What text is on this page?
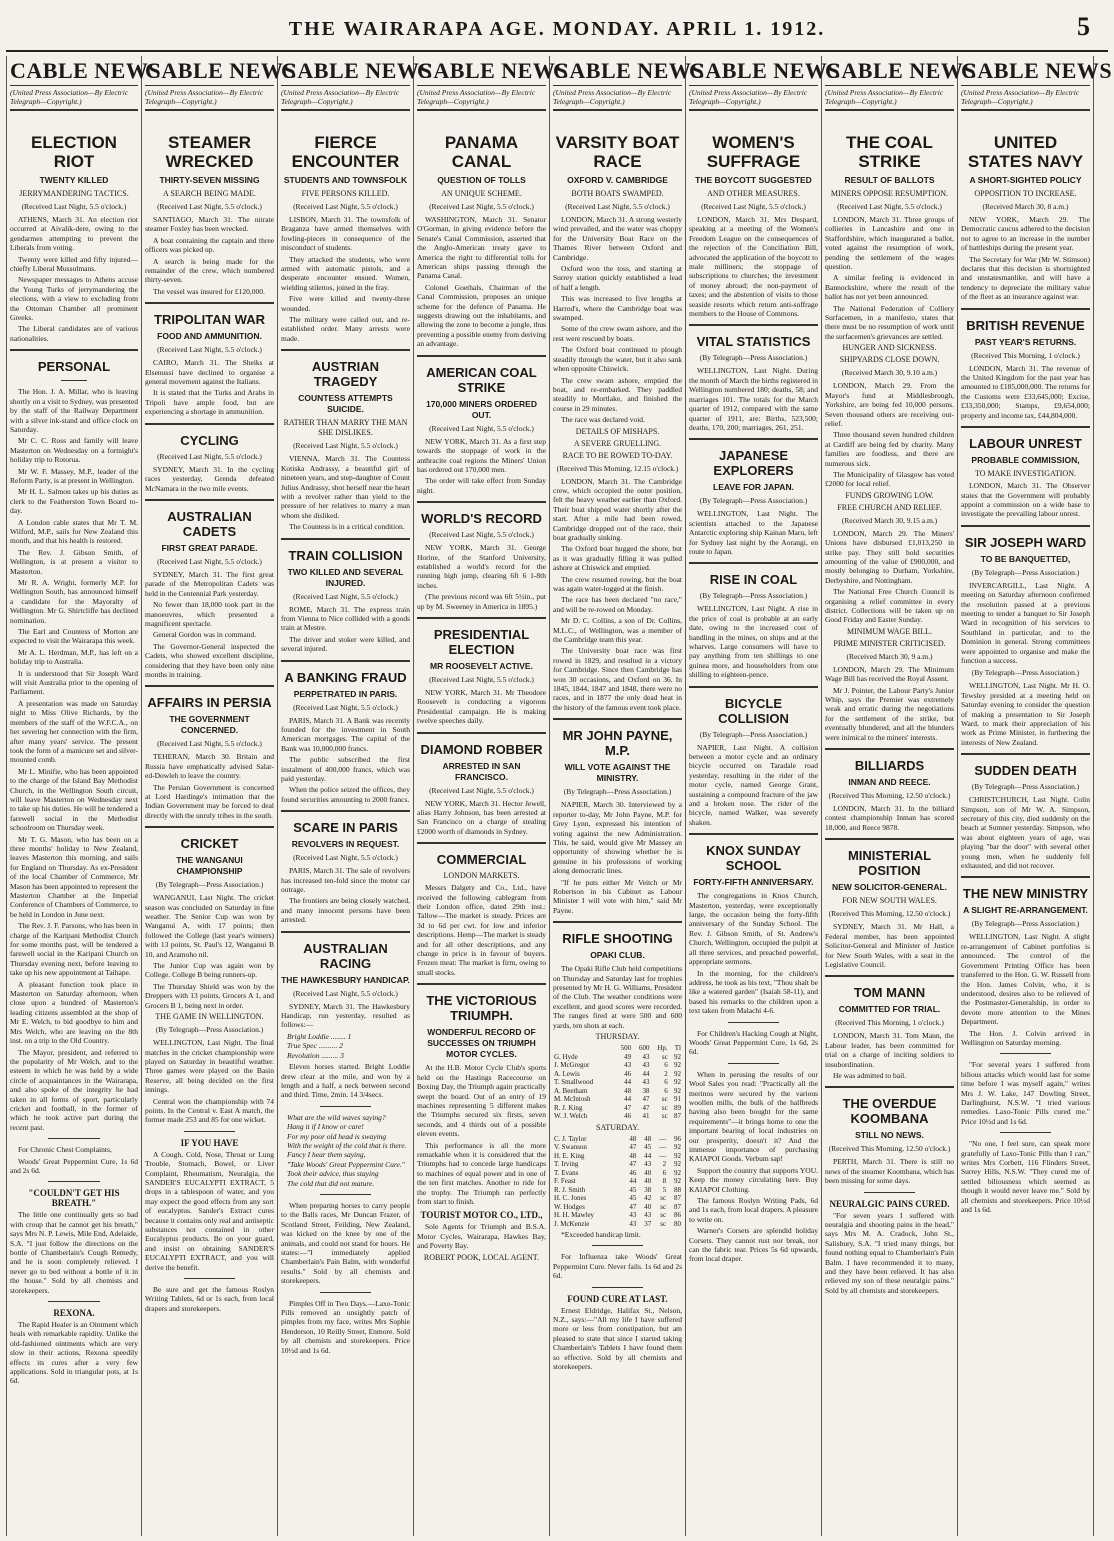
THE WAIRARAPA AGE. MONDAY. APRIL 1. 1912.	5
CABLE NEWS
(United Press Association—By Electric Telegraph—Copyright.)
ELECTION RIOT
TWENTY KILLED
JERRYMANDERING TACTICS.
(Received Last Night, 5.5 o'clock.)

ATHENS, March 31. An election riot occurred at Aivalik-dere, owing to the gendarmes attempting to prevent the Liberals from voting.

Twenty were killed and fifty injured—chiefly Liberal Mussulmans.

Newspaper messages to Athens accuse the Young Turks of jerrymandering the elections, with a view to excluding from the Ottoman Chamber all prominent Greeks.

The Liberal candidates are of various nationalities.

PERSONAL

The Hon. J. A. Millar, who is leaving shortly on a visit to Sydney, was presented by the staff of the Railway Department with a silver ink-stand and office clock on Saturday.

Mr C. C. Ross and family will leave Masterton on Wednesday on a fortnight's holiday trip to Rotorua.

Mr W. F. Massey, M.P., leader of the Reform Party, is at present in Wellington.

Mr H. L. Salmon takes up his duties as clerk to the Featherston Town Board to-day.

A London cable states that Mr T. M. Wilford, M.P., sails for New Zealand this month, and that his health is restored.

The Rev. J. Gibson Smith, of Wellington, is at present a visitor to Masterton.

Mr R. A. Wright, formerly M.P. for Wellington South, has announced himself a candidate for the Mayoralty of Wellington. Mr G. Shirtcliffe has declined nomination.

The Earl and Countess of Morton are expected to visit the Wairarapa this week.

Mr A. L. Herdman, M.P., has left on a holiday trip to Australia.

It is understood that Sir Joseph Ward will visit Australia prior to the opening of Parliament.

A presentation was made on Saturday night to Miss Olive Richards, by the members of the staff of the W.F.C.A., on her severing her connection with the firm, after many years' service. The present took the form of a manicure set and silver-mounted comb.

Mr L. Minifie, who has been appointed to the charge of the Island Bay Methodist Church, in the Wellington South circuit, will leave Masterton on Wednesday next to take up his duties. He will be tendered a farewell social in the Methodist schoolroom on Thursday week.

Mr T. G. Mason, who has been on a three months' holiday to New Zealand, leaves Masterton this morning, and sails for England on Thursday. As ex-President of the local Chamber of Commerce, Mr Mason has been appointed to represent the Masterton Chamber at the Imperial Conference of Chambers of Commerce, to be held in London in June next.

The Rev. J. F. Parsons, who has been in charge of the Karipani Methodist Church for some months past, will be tendered a farewell social in the Karipani Church on Thursday evening next, before leaving to take up his new appointment at Taihape.

A pleasant function took place in Masterton on Saturday afternoon, when close upon a hundred of Masterton's leading citizens assembled at the shop of Mr E. Welch, to bid goodbye to him and Mrs Welch, who are leaving on the 8th inst. on a trip to the Old Country.

The Mayor, president, and referred to the popularity of Mr Welch, and to the esteem in which he was held by a wide circle of acquaintances in the Wairarapa, and also spoke of the integrity he had taken in all forms of sport, particularly cricket and football, in the former of which he took active part during the recent past.

For Chronic Chest Complaints,

Woods' Great Peppermint Cure, 1s 6d and 2s 6d.

"COULDN'T GET HIS BREATH."

The little one continually gets so bad with croup that he cannot get his breath," says Mrs N. P. Lewis, Mile End, Adelaide, S.A. "I just follow the directions on the bottle of Chamberlain's Cough Remedy, and he is soon completely relieved. I never go to bed without a bottle of it in the house." Sold by all chemists and storekeepers.

REXONA.

The Rapid Healer is an Ointment which heals with remarkable rapidity. Unlike the old-fashioned ointments which are very slow in their actions, Rexona speedily effects its cures after a very few applications. Sold in triangular pots, at 1s 6d.

CABLE NEWS
(United Press Association—By Electric Telegraph—Copyright.)
STEAMER WRECKED
THIRTY-SEVEN MISSING
A SEARCH BEING MADE.
(Received Last Night, 5.5 o'clock.)

SANTIAGO, March 31. The nitrate steamer Foxley has been wrecked.

A boat containing the captain and three officers was picked up.

A search is being made for the remainder of the crew, which numbered thirty-seven.

The vessel was insured for £120,000.

TRIPOLITAN WAR
FOOD AND AMMUNITION.
(Received Last Night, 5.5 o'clock.)

CAIRO, March 31. The Sheiks at Elsenussi have declined to organise a general movement against the Italians.

It is stated that the Turks and Arabs in Tripoli have ample food, but are experiencing a shortage in ammunition.

CYCLING
(Received Last Night, 5.5 o'clock.)

SYDNEY, March 31. In the cycling races yesterday, Grenda defeated McNamara in the two mile events.

AUSTRALIAN CADETS
FIRST GREAT PARADE.
(Received Last Night, 5.5 o'clock.)

SYDNEY, March 31. The first great parade of the Metropolitan Cadets was held in the Centennial Park yesterday.

No fewer than 18,000 took part in the manoeuvres, which presented a magnificent spectacle.

General Gordon was in command.

The Governor-General inspected the Cadets, who showed excellent discipline, considering that they have been only nine months in training.

AFFAIRS IN PERSIA
THE GOVERNMENT CONCERNED.
(Received Last Night, 5.5 o'clock.)

TEHERAN, March 30. Britain and Russia have emphatically advised Salar-ed-Dowleh to leave the country.

The Persian Government is concerned at Lord Hardinge's intimation that the Indian Government may be forced to deal directly with the unruly tribes in the south.

CRICKET
THE WANGANUI CHAMPIONSHIP
(By Telegraph—Press Association.)

WANGANUI, Last Night. The cricket season was concluded on Saturday in fine weather. The Senior Cup was won by Wanganui A, with 17 points; then followed the College (last year's winners) with 13 points, St. Paul's 12, Wanganui B 10, and Aramoho nil.

The Junior Cup was again won by College. College B being runners-up.

The Thursday Shield was won by the Dreppers with 13 points, Grocers A 1, and Grocers B 1, being next in order.

THE GAME IN WELLINGTON.
(By Telegraph—Press Association.)

WELLINGTON, Last Night. The final matches in the cricket championship were played on Saturday in beautiful weather. Three games were played on the Basin Reserve, all being decided on the first innings.

Central won the championship with 74 points. In the Central v. East A match, the former made 253 and 85 for one wicket.

IF YOU HAVE

A Cough, Cold, Nose, Throat or Lung Trouble, Stomach, Bowel, or Liver Complaint, Rheumatism, Neuralgia, the SANDER'S EUCALYPTI EXTRACT, 5 drops in a tablespoon of water, and you may expect the good effects from any sort of eucalyptus. Sander's Extract cures because it contains only real and antiseptic substances not contained in other Eucalyptus products. Be on your guard, and insist on obtaining SANDER'S EUCALYPTI EXTRACT, and you will derive the benefit.

Be sure and get the famous Roslyn Writing Tablets, 6d or 1s each, from local drapers and storekeepers.

CABLE NEWS
(United Press Association—By Electric Telegraph—Copyright.)
FIERCE ENCOUNTER
STUDENTS AND TOWNSFOLK
FIVE PERSONS KILLED.
(Received Last Night, 5.5 o'clock.)

LISBON, March 31. The townsfolk of Braganza have armed themselves with fowling-pieces in consequence of the misconduct of students.

They attacked the students, who were armed with automatic pistols, and a desperate encounter ensued. Women, wielding stilettos, joined in the fray.

Five were killed and twenty-three wounded.

The military were called out, and re-established order. Many arrests were made.

AUSTRIAN TRAGEDY
COUNTESS ATTEMPTS SUICIDE.
RATHER THAN MARRY THE MAN SHE DISLIKES.
(Received Last Night, 5.5 o'clock.)

VIENNA, March 31. The Countess Kotiska Andrassy, a beautiful girl of nineteen years, and step-daughter of Count Julius Andrassy, shot herself near the heart with a revolver rather than yield to the pressure of her relatives to marry a man whom she disliked.

The Countess is in a critical condition.

TRAIN COLLISION
TWO KILLED AND SEVERAL INJURED.
(Received Last Night, 5.5 o'clock.)

ROME, March 31. The express train from Vienna to Nice collided with a goods train at Mestre.

The driver and stoker were killed, and several injured.

A BANKING FRAUD
PERPETRATED IN PARIS.
(Received Last Night, 5.5 o'clock.)

PARIS, March 31. A Bank was recently founded for the investment in South American mortgages. The capital of the Bank was 10,000,000 francs.

The public subscribed the first instalment of 400,000 francs, which was paid yesterday.

When the police seized the offices, they found securities amounting to 2000 francs.

SCARE IN PARIS
REVOLVERS IN REQUEST.
(Received Last Night, 5.5 o'clock.)

PARIS, March 31. The sale of revolvers has increased ten-fold since the motor car outrage.

The frontiers are being closely watched, and many innocent persons have been arrested.

AUSTRALIAN RACING
THE HAWKESBURY HANDICAP.
(Received Last Night, 5.5 o'clock.)

SYDNEY, March 31. The Hawkesbury Handicap, run yesterday, resulted as follows:—

Bright Loddie ........ 1
True Spec .......... 2
Revolution ......... 3

Eleven horses started. Bright Loddie drew clear at the mile, and won by a length and a half, a neck between second and third. Time, 2min. 14 3/4secs.

What are the wild waves saying?
Hang it if I know or care!
For my poor old head is swaying
With the weight of the cold that is there.
Fancy I hear them saying,
"Take Woods' Great Peppermint Cure."
Took their advice, thus staying
The cold that did not mature.

When preparing horses to carry people to the Balls races, Mr Duncan Frazer, of Scotland Street, Feilding, New Zealand, was kicked on the knee by one of the animals, and could not stand for hours. He states:—"I immediately applied Chamberlain's Pain Balm, with wonderful results." Sold by all chemists and storekeepers.

Pimples Off in Two Days.—Laxo-Tonic Pills removed an unsightly patch of pimples from my face, writes Mrs Sophie Henderson, 10 Reilly Street, Enmore. Sold by all chemists and storekeepers. Price 10½d and 1s 6d.

CABLE NEWS
(United Press Association—By Electric Telegraph—Copyright.)
PANAMA CANAL
QUESTION OF TOLLS
AN UNIQUE SCHEME.
(Received Last Night, 5.5 o'clock.)

WASHINGTON, March 31. Senator O'Gorman, in giving evidence before the Senate's Canal Commission, asserted that the Anglo-American treaty gave to America the right to differential tolls for American ships passing through the Panama Canal.

Colonel Goethals, Chairman of the Canal Commission, proposes an unique scheme for the defence of Panama. He suggests drawing out the inhabitants, and allowing the zone to become a jungle, thus preventing a possible enemy from deriving an advantage.

AMERICAN COAL STRIKE
170,000 MINERS ORDERED OUT.
(Received Last Night, 5.5 o'clock.)

NEW YORK, March 31. As a first step towards the stoppage of work in the anthracite coal regions the Miners' Union has ordered out 170,000 men.

The order will take effect from Sunday night.

WORLD'S RECORD
(Received Last Night, 5.5 o'clock.)

NEW YORK, March 31. George Horine, of the Stanford University, established a world's record for the running high jump, clearing 6ft 6 1-8th inches.

(The previous record was 6ft 5½in., put up by M. Sweeney in America in 1895.)

PRESIDENTIAL ELECTION
MR ROOSEVELT ACTIVE.
(Received Last Night, 5.5 o'clock.)

NEW YORK, March 31. Mr Theodore Roosevelt is conducting a vigorous Presidential campaign. He is making twelve speeches daily.

DIAMOND ROBBER
ARRESTED IN SAN FRANCISCO.
(Received Last Night, 5.5 o'clock.)

NEW YORK, March 31. Hector Jewell, alias Harry Johnson, has been arrested at San Francisco on a charge of stealing £2000 worth of diamonds in Sydney.

COMMERCIAL
LONDON MARKETS.

Messrs Dalgety and Co., Ltd., have received the following cablegram from their London office, dated 29th inst.: Tallow—The market is steady. Prices are 3d to 6d per cwt. for low and inferior descriptions. Hemp—The market is steady and for all other descriptions, and any change in price is in favour of buyers. Frozen meat: The market is firm, owing to small stocks.

THE VICTORIOUS TRIUMPH.
WONDERFUL RECORD OF SUCCESSES ON TRIUMPH MOTOR CYCLES.

At the H.B. Motor Cycle Club's sports held on the Hastings Racecourse on Boxing Day, the Triumph again practically swept the board. Out of an entry of 19 machines representing 5 different makes the Triumphs secured six firsts, seven seconds, and 4 thirds out of a possible eleven events.

This performance is all the more remarkable when it is considered that the Triumphs had to concede large handicaps to machines of equal power and in one of the ten first matches. Another to ride for the trophy. The Triumph ran perfectly from start to finish.

TOURIST MOTOR CO., LTD.,

Sole Agents for Triumph and B.S.A. Motor Cycles, Wairarapa, Hawkes Bay, and Poverty Bay.

ROBERT POOK, LOCAL AGENT.
CABLE NEWS
(United Press Association—By Electric Telegraph—Copyright.)
VARSITY BOAT RACE
OXFORD V. CAMBRIDGE
BOTH BOATS SWAMPED.
(Received Last Night, 5.5 o'clock.)

LONDON, March 31. A strong westerly wind prevailed, and the water was choppy for the University Boat Race on the Thames River between Oxford and Cambridge.

Oxford won the toss, and starting at Surrey station quickly established a lead of half a length.

This was increased to five lengths at Harrod's, where the Cambridge boat was swamped.

Some of the crew swam ashore, and the rest were rescued by boats.

The Oxford boat continued to plough steadily through the water, but it also sank when opposite Chiswick.

The crew swam ashore, emptied the boat, and re-embarked. They paddled steadily to Mortlake, and finished the course in 29 minutes.

The race was declared void.

DETAILS OF MISHAPS.
A SEVERE GRUELLING.
RACE TO BE ROWED TO-DAY.
(Received This Morning, 12.15 o'clock.)

LONDON, March 31. The Cambridge crew, which occupied the outer position, felt the heavy weather earlier than Oxford. Their boat shipped water shortly after the start. After a mile had been rowed, Cambridge dropped out of the race, their boat gradually sinking.

The Oxford boat hugged the shore, but as it was gradually filling it was pulled ashore at Chiswick and emptied.

The crew resumed rowing, but the boat was again water-logged at the finish.

The race has been declared "no race," and will be re-rowed on Monday.

Mr D. C. Collins, a son of Dr. Collins, M.L.C., of Wellington, was a member of the Cambridge team this year.

The University boat race was first rowed in 1829, and resulted in a victory for Cambridge. Since then Cambridge has won 30 occasions, and Oxford on 36. In 1845, 1844, 1847 and 1848, there were no races, and in 1877 the only dead heat in the history of the famous event took place.

MR JOHN PAYNE, M.P.
WILL VOTE AGAINST THE MINISTRY.
(By Telegraph—Press Association.)

NAPIER, March 30. Interviewed by a reporter to-day, Mr John Payne, M.P. for Grey Lynn, expressed his intention of voting against the new Administration. This, he said, would give Mr Massey an opportunity of showing whether he is genuine in his professions of working along democratic lines.

"If he puts either Mr Veitch or Mr Robertson in his Cabinet as Labour Minister I will vote with him," said Mr Payne.

RIFLE SHOOTING
OPAKI CLUB.

The Opaki Rifle Club held competitions on Thursday and Saturday last for trophies presented by Mr H. G. Williams, President of the Club. The weather conditions were excellent, and good scores were recorded. The ranges fired at were 500 and 600 yards, ten shots at each.

THURSDAY.
	500	600	Hp.	Tl
G. Hyde	49	43	sc	92
J. McGregor	43	43	6	92
A. Lewis	46	44	2	92
T. Smallwood	44	43	6	92
A. Beetham	48	38	6	92
M. McIntosh	44	47	sc	91
R. J. King	47	47	sc	89
W. J. Welch	46	41	sc	87
SATURDAY.
C. J. Taylor	48	48	—	96
V. Swanson	47	45	—	92
H. E. King	48	44	—	92
T. Irving	47	43	2	92
T. Evans	46	40	6	92
F. Feast	44	40	8	92
R. J. Smith	45	38	5	88
H. C. Jones	45	42	sc	87
W. Hodges	47	40	sc	87
H. H. Mawley	43	43	sc	86
J. McKenzie	43	37	sc	80

*Exceeded handicap limit.

For Influenza take Woods' Great Peppermint Cure. Never fails. 1s 6d and 2s 6d.

FOUND CURE AT LAST.

Ernest Eldridge, Halifax St., Nelson, N.Z., says:—"All my life I have suffered more or less from constipation, but am pleased to state that since I started taking Chamberlain's Tablets I have found them so effective. Sold by all chemists and storekeepers.

CABLE NEWS
(United Press Association—By Electric Telegraph—Copyright.)
WOMEN'S SUFFRAGE
THE BOYCOTT SUGGESTED
AND OTHER MEASURES.
(Received Last Night, 5.5 o'clock.)

LONDON, March 31. Mrs Despard, speaking at a meeting of the Women's Freedom League on the consequences of the rejection of the Conciliation Bill, advocated the application of the boycott to male milliners; the stoppage of subscriptions to churches; the investment of money abroad; the non-payment of taxes; and the abstention of visits to those seaside resorts which return anti-suffrage members to the House of Commons.

VITAL STATISTICS
(By Telegraph—Press Association.)

WELLINGTON, Last Night. During the month of March the births registered in Wellington numbered 180; deaths, 58; and marriages 101. The totals for the March quarter of 1912, compared with the same quarter of 1911, are: Births, 523,500; deaths, 170, 200; marriages, 261, 251.

JAPANESE EXPLORERS
LEAVE FOR JAPAN.
(By Telegraph—Press Association.)

WELLINGTON, Last Night. The scientists attached to the Japanese Antarctic exploring ship Kainan Maru, left for Sydney last night by the Aorangi, en route to Japan.

RISE IN COAL
(By Telegraph—Press Association.)

WELLINGTON, Last Night. A rise in the price of coal is probable at an early date, owing to the increased cost of handling in the mines, on ships and at the wharves. Large consumers will have to pay anything from ten shillings to one guinea more, and householders from one shilling to eighteen-pence.

BICYCLE COLLISION
(By Telegraph—Press Association.)

NAPIER, Last Night. A collision between a motor cycle and an ordinary bicycle occurred on Taradale road yesterday, resulting in the rider of the motor cycle, named George Grant, sustaining a compound fracture of the jaw and a broken nose. The rider of the bicycle, named Walker, was severely shaken.

KNOX SUNDAY SCHOOL
FORTY-FIFTH ANNIVERSARY.

The congregations in Knox Church, Masterton, yesterday, were exceptionally large, the occasion being the forty-fifth anniversary of the Sunday School. The Rev. J. Gibson Smith, of St. Andrew's Church, Wellington, occupied the pulpit at all three services, and preached powerful, appropriate sermons.

In the morning, for the children's address, he took as his text, "Thou shalt be like a watered garden" (Isaiah 58-11), and based his remarks to the children upon a text taken from Malachi 4-6.

For Children's Hacking Cough at Night, Woods' Great Peppermint Cure, 1s 6d, 2s 6d.

When in perusing the results of our Wool Sales you read: "Practically all the merinos were secured by the various woollen mills, the bulk of the halfbreds having also been bought for the same requirements"—it brings home to one the important bearing of local industries on our prosperity, doesn't it? And the immense importance of purchasing KAIAPOI Goods. Verbum sap!

Support the country that supports YOU. Keep the money circulating here. Buy KAIAPOI Clothing.

The famous Roslyn Writing Pads, 6d and 1s each, from local drapers. A pleasure to write on.

Warner's Corsets are splendid holiday Corsets. They cannot rust nor break, nor can the fabric tear. Prices 5s 6d upwards, from local draper.

CABLE NEWS
(United Press Association—By Electric Telegraph—Copyright.)
THE COAL STRIKE
RESULT OF BALLOTS
MINERS OPPOSE RESUMPTION.
(Received Last Night, 5.5 o'clock.)

LONDON, March 31. Three groups of collieries in Lancashire and one in Staffordshire, which inaugurated a ballot, voted against the resumption of work, pending the settlement of the wages question.

A similar feeling is evidenced in Bannockshire, where the result of the ballot has not yet been announced.

The National Federation of Colliery Surfacemen, in a manifesto, states that there must be no resumption of work until the surfacemen's grievances are settled.

HUNGER AND SICKNESS.
SHIPYARDS CLOSE DOWN.
(Received March 30, 9.10 a.m.)

LONDON, March 29. From the Mayor's fund at Middlesbrough, Yorkshire, are being fed 10,000 persons. Seven thousand others are receiving out-relief.

Three thousand seven hundred children at Cardiff are being fed by charity. Many families are foodless, and there are numerous sick.

The Municipality of Glasgow has voted £2000 for local relief.

FUNDS GROWING LOW.
FREE CHURCH AND RELIEF.
(Received March 30, 9.15 a.m.)

LONDON, March 29. The Miners' Unions have disbursed £1,013,250 in strike pay. They still hold securities amounting of the value of £900,000, and mostly belonging to Durham, Yorkshire, Derbyshire, and Nottingham.

The National Free Church Council is organising a relief committee in every district. Collections will be taken up on Good Friday and Easter Sunday.

MINIMUM WAGE BILL.
PRIME MINISTER CRITICISED.
(Received March 30, 9 a.m.)

LONDON, March 29. The Minimum Wage Bill has received the Royal Assent.

Mr J. Pointer, the Labour Party's Junior Whip, says the Premier was extremely weak and erratic during the negotiations for the settlement of the strike, but eventually blundered, and all the blunders were inimical to the miners' interests.

BILLIARDS
INMAN AND REECE.
(Received This Morning, 12.50 o'clock.)

LONDON, March 31. In the billiard contest championship Inman has scored 18,000, and Reece 9878.

MINISTERIAL POSITION
NEW SOLICITOR-GENERAL.
FOR NEW SOUTH WALES.
(Received This Morning, 12.50 o'clock.)

SYDNEY, March 31. Mr Hall, a Federal member, has been appointed Solicitor-General and Minister of Justice for New South Wales, with a seat in the Legislative Council.

TOM MANN
COMMITTED FOR TRIAL.
(Received This Morning, 1 o'clock.)

LONDON, March 31. Tom Mann, the Labour leader, has been committed for trial on a charge of inciting soldiers to insubordination.

He was admitted to bail.

THE OVERDUE KOOMBANA
STILL NO NEWS.
(Received This Morning, 12.50 o'clock.)

PERTH, March 31. There is still no news of the steamer Koombana, which has been missing for some days.

NEURALGIC PAINS CURED.

"For seven years I suffered with neuralgia and shooting pains in the head," says Mrs M. A. Cradock, John St., Salisbury, S.A. "I tried many things, but found nothing equal to Chamberlain's Pain Balm. I have recommended it to many, and they have been relieved. It has also relieved my son of these neuralgic pains." Sold by all chemists and storekeepers.

CABLE NEWS
(United Press Association—By Electric Telegraph—Copyright.)
UNITED STATES NAVY
A SHORT-SIGHTED POLICY
OPPOSITION TO INCREASE.
(Received March 30, 8 a.m.)

NEW YORK, March 29. The Democratic caucus adhered to the decision not to agree to an increase in the number of battleships during the present year.

The Secretary for War (Mr W. Stimson) declares that this decision is shortsighted and unstatesmanlike, and will have a tendency to depreciate the military value of the fleet as an insurance against war.

BRITISH REVENUE
PAST YEAR'S RETURNS.
(Received This Morning, 1 o'clock.)

LONDON, March 31. The revenue of the United Kingdom for the past year has amounted to £185,000,000. The returns for the Customs were £33,645,000; Excise, £33,350,000; Stamps, £9,654,000; property and income tax, £44,804,000.

LABOUR UNREST
PROBABLE COMMISSION,
TO MAKE INVESTIGATION.

LONDON, March 31. The Observer states that the Government will probably appoint a commission on a wide base to investigate the prevailing labour unrest.

SIR JOSEPH WARD
TO BE BANQUETTED,
(By Telegraph—Press Association.)

INVERCARGILL, Last Night. A meeting on Saturday afternoon confirmed the resolution passed at a previous meeting to tender a banquet to Sir Joseph Ward in recognition of his services to Southland in particular, and to the Dominion in general. Strong committees were appointed to organise and make the function a success.

(By Telegraph—Press Association.)

WELLINGTON, Last Night. Mr H. O. Tewsley presided at a meeting held on Saturday evening to consider the question of making a presentation to Sir Joseph Ward, to mark their appreciation of his work as Prime Minister, in furthering the interests of New Zealand.

SUDDEN DEATH
(By Telegraph—Press Association.)

CHRISTCHURCH, Last Night. Colin Simpson, son of Mr W. A. Simpson, secretary of this city, died suddenly on the beach at Sumner yesterday. Simpson, who was about eighteen years of age, was playing "bar the door" with several other young men, when he suddenly fell exhausted, and did not recover.

THE NEW MINISTRY
A SLIGHT RE-ARRANGEMENT.
(By Telegraph—Press Association.)

WELLINGTON, Last Night. A slight re-arrangement of Cabinet portfolios is announced. The control of the Government Printing Office has been transferred to the Hon. G. W. Russell from the Hon. James Colvin, who, it is understood, desires also to be relieved of the Postmaster-Generalship, in order to devote more attention to the Mines Department.

The Hon. J. Colvin arrived in Wellington on Saturday morning.

"For several years I suffered from bilious attacks which would last for some time before I was myself again," writes Mrs J. W. Lake, 147 Dowling Street, Darlinghurst, N.S.W. "I tried various remedies. Laxo-Tonic Pills cured me." Price 10½d and 1s 6d.

"No one, I feel sure, can speak more gratefully of Laxo-Tonic Pills than I can," writes Mrs Corbett, 116 Flinders Street, Surrey Hills, N.S.W. "They cured me of settled biliousness which seemed as though it would never leave me." Sold by all chemists and storekeepers. Price 10½d and 1s 6d.
